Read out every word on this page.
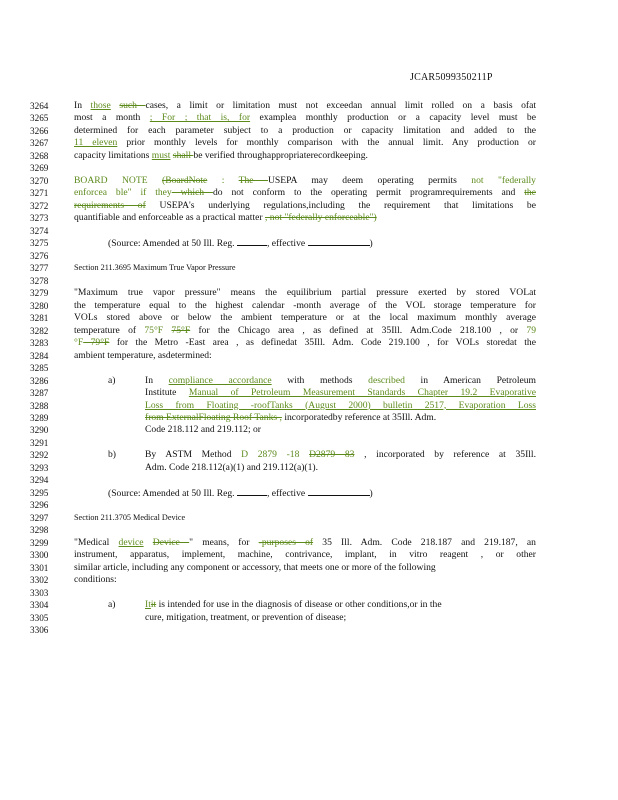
JCAR5099350211P
3264	In those such cases, a limit or limitation must not exceedan annual limit rolled on a basis ofat
3265	most a month ; For ; that is, for examplea monthly production or a capacity level must be
3266	determined for each parameter subject to a production or capacity limitation and added to the
3267	11 eleven prior monthly levels for monthly comparison with the annual limit. Any production or
3268	capacity limitations must shall be verified throughappropriaterecordkeeping.
3269
3270	BOARD NOTE (BoardNote : The USEPA may deem operating permits not "federally
3271	enforcea ble" if they which do not conform to the operating permit programrequirements and the
3272	requirements of USEPA's underlying regulations,including the requirement that limitations be
3273	quantifiable and enforceable as a practical matter , not "federally enforceable")
3274
3275	(Source: Amended at 50 Ill. Reg.	, effective	)
3276
3277	Section 211.3695 Maximum True Vapor Pressure
3278
3279	"Maximum true vapor pressure" means the equilibrium partial pressure exerted by stored VOLat
3280	the temperature equal to the highest calendar -month average of the VOL storage temperature for
3281	VOLs stored above or below the ambient temperature or at the local maximum monthly average
3282	temperature of 75°F 75°F for the Chicago area , as defined at 35Ill. Adm.Code 218.100 , or 79
3283	°F 79°F for the Metro -East area , as definedat 35Ill. Adm. Code 219.100 , for VOLs storedat the
3284	ambient temperature, asdetermined:
3285
3286	a)	In compliance accordance with methods described in American Petroleum
3287	Institute Manual of Petroleum Measurement Standards Chapter 19.2 Evaporative
3288	Loss from Floating -roofTanks (August 2000) bulletin 2517, Evaporation Loss
3289	from ExternalFloating Roof Tanks , incorporatedby reference at 35Ill. Adm.
3290	Code 218.112 and 219.112; or
3291
3292	b)	By ASTM Method D 2879 -18 D2879 83 , incorporated by reference at 35Ill.
3293	Adm. Code 218.112(a)(1) and 219.112(a)(1).
3294
3295	(Source: Amended at 50 Ill. Reg.	, effective	)
3296
3297	Section 211.3705 Medical Device
3298
3299	"Medical device Device " means, for -purposes of 35 Ill. Adm. Code 218.187 and 219.187, an
3300	instrument, apparatus, implement, machine, contrivance, implant, in vitro reagent , or other
3301	similar article, including any component or accessory, that meets one or more of the following
3302	conditions:
3303
3304	a)	Itit is intended for use in the diagnosis of disease or other conditions,or in the
3305	cure, mitigation, treatment, or prevention of disease;
3306
